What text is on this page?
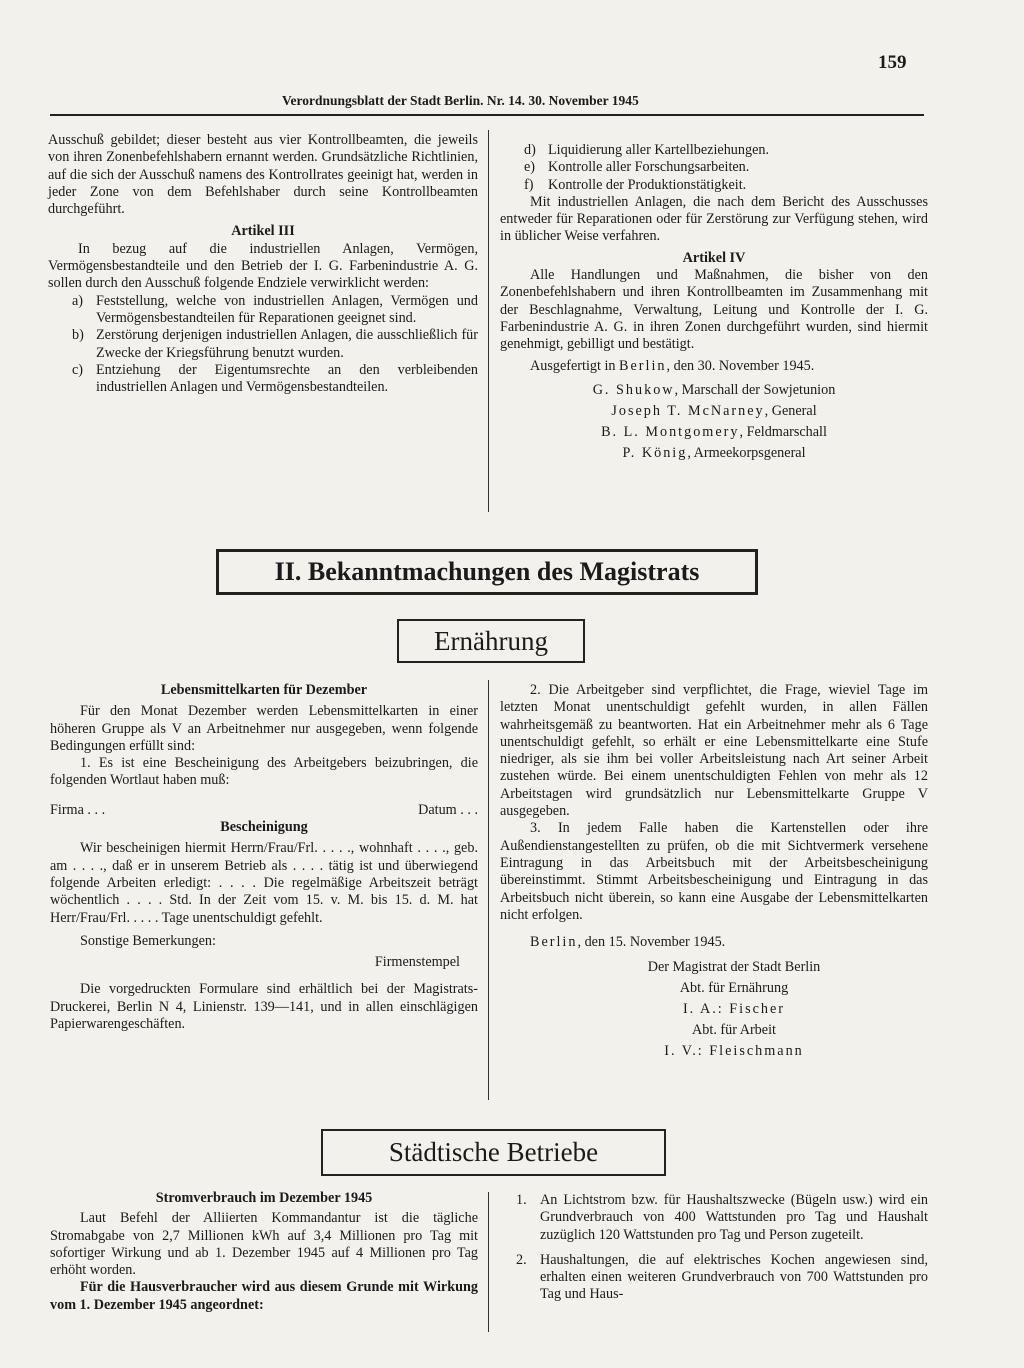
159
Verordnungsblatt der Stadt Berlin. Nr. 14. 30. November 1945

Ausschuß gebildet; dieser besteht aus vier Kontrollbeamten, die jeweils von ihren Zonenbefehlshabern ernannt werden. Grundsätzliche Richtlinien, auf die sich der Ausschuß namens des Kontrollrates geeinigt hat, werden in jeder Zone von dem Befehlshaber durch seine Kontrollbeamten durchgeführt.

Artikel III

In bezug auf die industriellen Anlagen, Vermögen, Vermögensbestandteile und den Betrieb der I. G. Farbenindustrie A. G. sollen durch den Ausschuß folgende Endziele verwirklicht werden:

a) Feststellung, welche von industriellen Anlagen, Vermögen und Vermögensbestandteilen für Reparationen geeignet sind.
b) Zerstörung derjenigen industriellen Anlagen, die ausschließlich für Zwecke der Kriegsführung benutzt wurden.
c) Entziehung der Eigentumsrechte an den verbleibenden industriellen Anlagen und Vermögensbestandteilen.
d) Liquidierung aller Kartellbeziehungen.
e) Kontrolle aller Forschungsarbeiten.
f)	Kontrolle der Produktionstätigkeit.

Mit industriellen Anlagen, die nach dem Bericht des Ausschusses entweder für Reparationen oder für Zerstörung zur Verfügung stehen, wird in üblicher Weise verfahren.

Artikel IV

Alle Handlungen und Maßnahmen, die bisher von den Zonenbefehlshabern und ihren Kontrollbeamten im Zusammenhang mit der Beschlagnahme, Verwaltung, Leitung und Kontrolle der I. G. Farbenindustrie A. G. in ihren Zonen durchgeführt wurden, sind hiermit genehmigt, gebilligt und bestätigt.

Ausgefertigt in Berlin, den 30. November 1945.

G. Shukow, Marschall der Sowjetunion
Joseph T. McNarney, General
B. L. Montgomery, Feldmarschall
P. König, Armeekorpsgeneral
II. Bekanntmachungen des Magistrats
Ernährung

Lebensmittelkarten für Dezember

Für den Monat Dezember werden Lebensmittelkarten in einer höheren Gruppe als V an Arbeitnehmer nur ausgegeben, wenn folgende Bedingungen erfüllt sind:

1. Es ist eine Bescheinigung des Arbeitgebers beizubringen, die folgenden Wortlaut haben muß:

Firma . . .	Datum . . .

Bescheinigung

Wir bescheinigen hiermit Herrn/Frau/Frl. . . . ., wohnhaft . . . ., geb. am . . . ., daß er in unserem Betrieb als . . . . tätig ist und überwiegend folgende Arbeiten erledigt: . . . . Die regelmäßige Arbeitszeit beträgt wöchentlich . . . . Std. In der Zeit vom 15. v. M. bis 15. d. M. hat Herr/Frau/Frl. . . . . Tage unentschuldigt gefehlt.

Sonstige Bemerkungen:

Firmenstempel

Die vorgedruckten Formulare sind erhältlich bei der Magistrats-Druckerei, Berlin N 4, Linienstr. 139—141, und in allen einschlägigen Papierwarengeschäften.

2. Die Arbeitgeber sind verpflichtet, die Frage, wieviel Tage im letzten Monat unentschuldigt gefehlt wurden, in allen Fällen wahrheitsgemäß zu beantworten. Hat ein Arbeitnehmer mehr als 6 Tage unentschuldigt gefehlt, so erhält er eine Lebensmittelkarte eine Stufe niedriger, als sie ihm bei voller Arbeitsleistung nach Art seiner Arbeit zustehen würde. Bei einem unentschuldigten Fehlen von mehr als 12 Arbeitstagen wird grundsätzlich nur Lebensmittelkarte Gruppe V ausgegeben.

3. In jedem Falle haben die Kartenstellen oder ihre Außendienstangestellten zu prüfen, ob die mit Sichtvermerk versehene Eintragung in das Arbeitsbuch mit der Arbeitsbescheinigung übereinstimmt. Stimmt Arbeitsbescheinigung und Eintragung in das Arbeitsbuch nicht überein, so kann eine Ausgabe der Lebensmittelkarten nicht erfolgen.

Berlin, den 15. November 1945.

Der Magistrat der Stadt Berlin
Abt. für Ernährung
I. A.: Fischer
Abt. für Arbeit
I. V.: Fleischmann
Städtische Betriebe

Stromverbrauch im Dezember 1945

Laut Befehl der Alliierten Kommandantur ist die tägliche Stromabgabe von 2,7 Millionen kWh auf 3,4 Millionen pro Tag mit sofortiger Wirkung und ab 1. Dezember 1945 auf 4 Millionen pro Tag erhöht worden.

Für die Hausverbraucher wird aus diesem Grunde mit Wirkung vom 1. Dezember 1945 angeordnet:

1. An Lichtstrom bzw. für Haushaltszwecke (Bügeln usw.) wird ein Grundverbrauch von 400 Wattstunden pro Tag und Haushalt zuzüglich 120 Wattstunden pro Tag und Person zugeteilt.
2. Haushaltungen, die auf elektrisches Kochen angewiesen sind, erhalten einen weiteren Grundverbrauch von 700 Wattstunden pro Tag und Haus-
